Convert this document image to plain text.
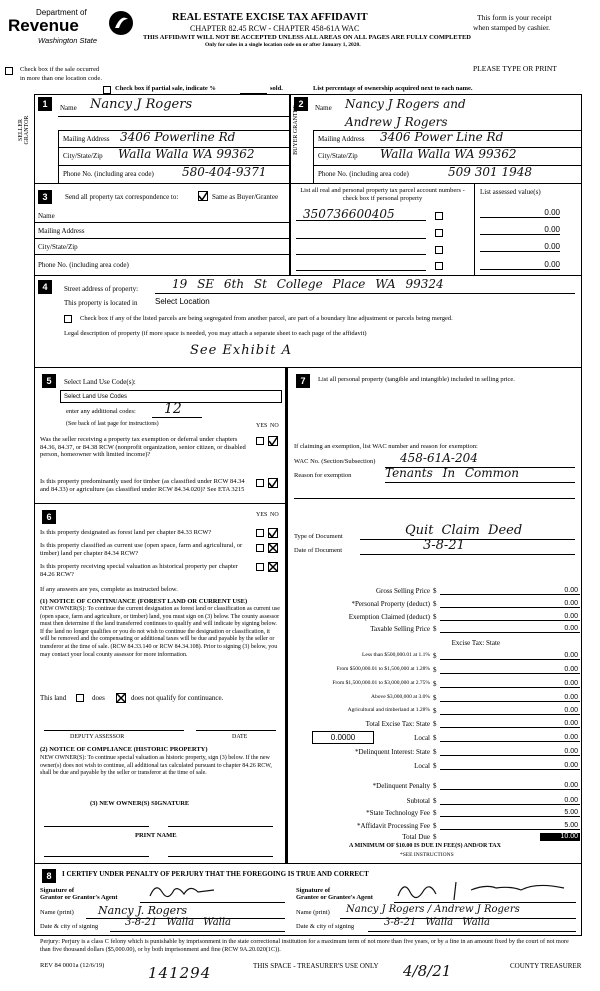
Department of
Revenue
Washington State
REAL ESTATE EXCISE TAX AFFIDAVIT
CHAPTER 82.45 RCW - CHAPTER 458-61A WAC
THIS AFFIDAVIT WILL NOT BE ACCEPTED UNLESS ALL AREAS ON ALL PAGES ARE FULLY COMPLETED
Only for sales in a single location code on or after January 1, 2020.
This form is your receipt
when stamped by cashier.
PLEASE TYPE OR PRINT
Check box if the sale occurred
in more than one location code.
Check box if partial sale, indicate %	sold.	List percentage of ownership acquired next to each name.
1	2
SELLER GRANTOR
Name Nancy J Rogers
Mailing Address 3406 Powerline Rd
City/State/Zip Walla Walla WA 99362
Phone No. (including area code) 580-404-9371
BUYER GRANTEE Name Nancy J Rogers and
Andrew J Rogers
Mailing Address 3406 Power Line Rd
City/State/Zip Walla Walla WA 99362
Phone No. (including area code)	509 301 1948
3	Send all property tax correspondence to:	Same as Buyer/Grantee
Name
Mailing Address
City/State/Zip
Phone No. (including area code)
List all real and personal property tax parcel account numbers - check box if personal property
List assessed value(s)
350736600405	0.00
0.00
0.00
0.00
4	Street address of property:	19 SE 6th St College Place WA 99324
This property is located in Select Location
Check box if any of the listed parcels are being segregated from another parcel, are part of a boundary line adjustment or parcels being merged.
Legal description of property (if more space is needed, you may attach a separate sheet to each page of the affidavit)
See Exhibit A
5	Select Land Use Code(s):
Select Land Use Codes
enter any additional codes: 12
(See back of last page for instructions)	YES NO
Was the seller receiving a property tax exemption or deferral under chapters 84.36, 84.37, or 84.38 RCW (nonprofit organization, senior citizen, or disabled person, homeowner with limited income)?
Is this property predominantly used for timber (as classified under RCW 84.34 and 84.33) or agriculture (as classified under RCW 84.34.020)? See ETA 3215
6	YES NO
Is this property designated as forest land per chapter 84.33 RCW?
Is this property classified as current use (open space, farm and agricultural, or timber) land per chapter 84.34 RCW?
Is this property receiving special valuation as historical property per chapter 84.26 RCW?
If any answers are yes, complete as instructed below.
(1) NOTICE OF CONTINUANCE (FOREST LAND OR CURRENT USE)
NEW OWNER(S): To continue the current designation as forest land or classification as current use (open space, farm and agriculture, or timber) land, you must sign on (3) below. The county assessor must then determine if the land transferred continues to qualify and will indicate by signing below. If the land no longer qualifies or you do not wish to continue the designation or classification, it will be removed and the compensating or additional taxes will be due and payable by the seller or transferor at the time of sale. (RCW 84.33.140 or RCW 84.34.108). Prior to signing (3) below, you may contact your local county assessor for more information.
This land	does	does not qualify for continuance.
DEPUTY ASSESSOR	DATE
(2) NOTICE OF COMPLIANCE (HISTORIC PROPERTY)
NEW OWNER(S): To continue special valuation as historic property, sign (3) below. If the new owner(s) does not wish to continue, all additional tax calculated pursuant to chapter 84.26 RCW, shall be due and payable by the seller or transferor at the time of sale.
(3) NEW OWNER(S) SIGNATURE
PRINT NAME
7	List all personal property (tangible and intangible) included in selling price.
If claiming an exemption, list WAC number and reason for exemption:
WAC No. (Section/Subsection) 458-61A-204
Reason for exemption	Tenants In Common
Type of Document	Quit Claim Deed
Date of Document	3-8-21
Gross Selling Price $	0.00
*Personal Property (deduct) $	0.00
Exemption Claimed (deduct) $	0.00
Taxable Selling Price $	0.00
Excise Tax: State
Less than $500,000.01 at 1.1% $	0.00
From $500,000.01 to $1,500,000 at 1.28% $	0.00
From $1,500,000.01 to $3,000,000 at 2.75% $	0.00
Above $3,000,000 at 3.0% $	0.00
Agricultural and timberland at 1.28% $	0.00
Total Excise Tax: State $	0.00
Local $	0.00
*Delinquent Interest: State $	0.00
Local $	0.00
*Delinquent Penalty $	0.00
Subtotal $	0.00
*State Technology Fee $	5.00
*Affidavit Processing Fee $	5.00
Total Due $	10.00
0.0000
A MINIMUM OF $10.00 IS DUE IN FEE(S) AND/OR TAX
*SEE INSTRUCTIONS
8	I CERTIFY UNDER PENALTY OF PERJURY THAT THE FOREGOING IS TRUE AND CORRECT
Signature of
Grantor or Grantor's Agent
Name (print) Nancy J. Rogers
Date & city of signing	3-8-21 Walla Walla
Signature of
Grantee or Grantee's Agent
Name (print) Nancy J Rogers / Andrew J Rogers
Date & city of signing	3-8-21 Walla Walla
Perjury: Perjury is a class C felony which is punishable by imprisonment in the state correctional institution for a maximum term of not more than five years, or by a fine in an amount fixed by the court of not more than five thousand dollars ($5,000.00), or by both imprisonment and fine (RCW 9A.20.020(1C)).
REV 84 0001a (12/6/19)	141294	THIS SPACE - TREASURER'S USE ONLY 4/8/21	COUNTY TREASURER
